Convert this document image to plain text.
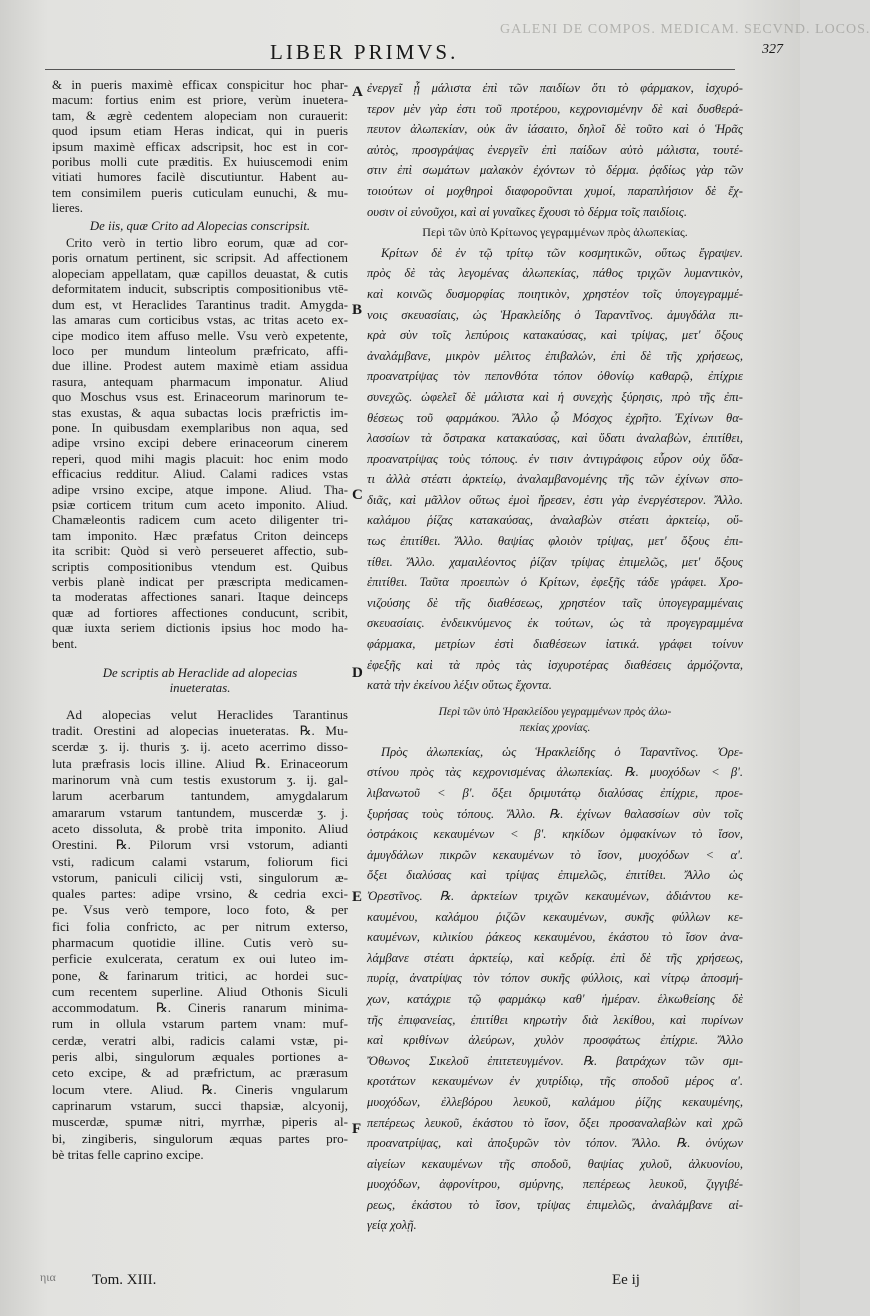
GALENI DE COMPOS. MEDICAM. SECVND. LOCOS.
LIBER PRIMVS.	327
& in pueris maximè efficax conspicitur hoc phar-
macum: fortius enim est priore, verùm inuetera-
tam, & ægrè cedentem alopeciam non curauerit:
quod ipsum etiam Heras indicat, qui in pueris
ipsum maximè efficax adscripsit, hoc est in cor-
poribus molli cute præditis. Ex huiuscemodi enim
vitiati humores facilè discutiuntur. Habent au-
tem consimilem pueris cuticulam eunuchi, & mu-
lieres.
De iis, quæ Crito ad Alopecias conscripsit.
Crito verò in tertio libro eorum, quæ ad cor-
poris ornatum pertinent, sic scripsit. Ad affectionem
alopeciam appellatam, quæ capillos deuastat, & cutis
deformitatem inducit, subscriptis compositionibus vtē-
dum est, vt Heraclides Tarantinus tradit. Amygda-
las amaras cum corticibus vstas, ac tritas aceto ex-
cipe modico item affuso melle. Vsu verò expetente,
loco per mundum linteolum præfricato, affi-
due illine. Prodest autem maximè etiam assidua
rasura, antequam pharmacum imponatur. Aliud
quo Moschus vsus est. Erinaceorum marinorum te-
stas exustas, & aqua subactas locis præfrictis im-
pone. In quibusdam exemplaribus non aqua, sed
adipe vrsino excipi debere erinaceorum cinerem
reperi, quod mihi magis placuit: hoc enim modo
efficacius redditur. Aliud. Calami radices vstas
adipe vrsino excipe, atque impone. Aliud. Tha-
psiæ corticem tritum cum aceto imponito. Aliud.
Chamæleontis radicem cum aceto diligenter tri-
tam imponito. Hæc præfatus Criton deinceps
ita scribit: Quòd si verò perseueret affectio, sub-
scriptis compositionibus vtendum est. Quibus
verbis planè indicat per præscripta medicamen-
ta moderatas affectiones sanari. Itaque deinceps
quæ ad fortiores affectiones conducunt, scribit,
quæ iuxta seriem dictionis ipsius hoc modo ha-
bent.
De scriptis ab Heraclide ad alopecias
inueteratas.
Ad alopecias velut Heraclides Tarantinus
tradit. Orestini ad alopecias inueteratas. ℞. Mu-
scerdæ ʒ. ij. thuris ʒ. ij. aceto acerrimo disso-
luta præfrasis locis illine. Aliud ℞. Erinaceorum
marinorum vnà cum testis exustorum ʒ. ij. gal-
larum acerbarum tantundem, amygdalarum
amararum vstarum tantundem, muscerdæ ʒ. j.
aceto dissoluta, & probè trita imponito. Aliud
Orestini. ℞. Pilorum vrsi vstorum, adianti
vsti, radicum calami vstarum, foliorum fici
vstorum, paniculi cilicij vsti, singulorum æ-
quales partes: adipe vrsino, & cedria exci-
pe. Vsus verò tempore, loco foto, & per
fici folia confricto, ac per nitrum exterso,
pharmacum quotidie illine. Cutis verò su-
perficie exulcerata, ceratum ex oui luteo im-
pone, & farinarum tritici, ac hordei suc-
cum recentem superline. Aliud Othonis Siculi
accommodatum. ℞. Cineris ranarum minima-
rum in ollula vstarum partem vnam: muf-
cerdæ, veratri albi, radicis calami vstæ, pi-
peris albi, singulorum æquales portiones a-
ceto excipe, & ad præfrictum, ac prærasum
locum vtere. Aliud. ℞. Cineris vngularum
caprinarum vstarum, succi thapsiæ, alcyonij,
muscerdæ, spumæ nitri, myrrhæ, piperis al-
bi, zingiberis, singulorum æquas partes pro-
bè tritas felle caprino excipe.
ἐνεργεῖ ᾗ μάλιστα ἐπὶ τῶν παιδίων ὅτι τὸ φάρμακον, ἰσχυρό-
τερον μὲν γὰρ ἐστι τοῦ προτέρου, κεχρονισμένην δὲ καὶ δυσθερά-
πευτον ἀλωπεκίαν, οὐκ ἂν ἰάσαιτο, δηλοῖ δὲ τοῦτο καὶ ὁ Ἡρᾶς
αὐτὸς, προσγράψας ἐνεργεῖν ἐπὶ παίδων αὐτὸ μάλιστα, τουτέ-
στιν ἐπὶ σωμάτων μαλακὸν ἐχόντων τὸ δέρμα. ῥᾳδίως γὰρ τῶν
τοιούτων οἱ μοχθηροὶ διαφοροῦνται χυμοί, παραπλήσιον δὲ ἔχ-
ουσιν οἱ εὐνοῦχοι, καὶ αἱ γυναῖκες ἔχουσι τὸ δέρμα τοῖς παιδίοις.
Περὶ τῶν ὑπὸ Κρίτωνος γεγραμμένων πρὸς ἀλωπεκίας.
Κρίτων δὲ ἐν τῷ τρίτῳ τῶν κοσμητικῶν, οὕτως ἔγραψεν.
πρὸς δὲ τὰς λεγομένας ἀλωπεκίας, πάθος τριχῶν λυμαντικὸν,
καὶ κοινῶς δυσμορφίας ποιητικὸν, χρηστέον τοῖς ὑπογεγραμμέ-
νοις σκευασίαις, ὡς Ἡρακλείδης ὁ Ταραντῖνος. ἀμυγδάλα πι-
κρὰ σὺν τοῖς λεπύροις κατακαύσας, καὶ τρίψας, μετ' ὄξους
ἀναλάμβανε, μικρὸν μέλιτος ἐπιβαλών, ἐπὶ δὲ τῆς χρήσεως,
προανατρίψας τὸν πεπονθότα τόπον ὀθονίῳ καθαρῷ, ἐπίχριε
συνεχῶς. ὠφελεῖ δὲ μάλιστα καὶ ἡ συνεχὴς ξύρησις, πρὸ τῆς ἐπι-
θέσεως τοῦ φαρμάκου. Ἄλλο ᾧ Μόσχος ἐχρῆτο. Ἐχίνων θα-
λασσίων τὰ ὄστρακα κατακαύσας, καὶ ὕδατι ἀναλαβὼν, ἐπιτίθει,
προανατρίψας τοὺς τόπους. ἐν τισιν ἀντιγράφοις εὗρον οὐχ ὕδα-
τι ἀλλὰ στέατι ἀρκτείῳ, ἀναλαμβανομένης τῆς τῶν ἐχίνων σπο-
διᾶς, καὶ μᾶλλον οὕτως ἐμοὶ ἤρεσεν, ἐστι γὰρ ἐνεργέστερον. Ἄλλο.
καλάμου ῥίζας κατακαύσας, ἀναλαβὼν στέατι ἀρκτείῳ, οὕ-
τως ἐπιτίθει. Ἄλλο. θαψίας φλοιὸν τρίψας, μετ' ὄξους ἐπι-
τίθει. Ἄλλο. χαμαιλέοντος ῥίζαν τρίψας ἐπιμελῶς, μετ' ὄξους
ἐπιτίθει. Ταῦτα προειπὼν ὁ Κρίτων, ἐφεξῆς τάδε γράφει. Χρο-
νιζούσης δὲ τῆς διαθέσεως, χρηστέον ταῖς ὑπογεγραμμέναις
σκευασίαις. ἐνδεικνύμενος ἐκ τούτων, ὡς τὰ προγεγραμμένα
φάρμακα, μετρίων ἐστὶ διαθέσεων ἰατικά. γράφει τοίνυν
ἐφεξῆς καὶ τὰ πρὸς τὰς ἰσχυροτέρας διαθέσεις ἁρμόζοντα,
κατὰ τὴν ἐκείνου λέξιν οὕτως ἔχοντα.
Περὶ τῶν ὑπὸ Ἡρακλείδου γεγραμμένων πρὸς ἀλω-
πεκίας χρονίας.
Πρὸς ἀλωπεκίας, ὡς Ἡρακλείδης ὁ Ταραντῖνος. Ὀρε-
στίνου πρὸς τὰς κεχρονισμένας ἀλωπεκίας. ℞. μυοχόδων < β'.
λιβανωτοῦ < β'. ὄξει δριμυτάτῳ διαλύσας ἐπίχριε, προε-
ξυρήσας τοὺς τόπους. Ἄλλο. ℞. ἐχίνων θαλασσίων σὺν τοῖς
ὀστράκοις κεκαυμένων < β'. κηκίδων ὀμφακίνων τὸ ἴσον,
ἀμυγδάλων πικρῶν κεκαυμένων τὸ ἴσον, μυοχόδων < α'.
ὄξει διαλύσας καὶ τρίψας ἐπιμελῶς, ἐπιτίθει. Ἄλλο ὡς
Ὀρεστῖνος. ℞. ἀρκτείων τριχῶν κεκαυμένων, ἀδιάντου κε-
καυμένου, καλάμου ῥιζῶν κεκαυμένων, συκῆς φύλλων κε-
καυμένων, κιλικίου ῥάκεος κεκαυμένου, ἑκάστου τὸ ἴσον ἀνα-
λάμβανε στέατι ἀρκτείῳ, καὶ κεδρίᾳ. ἐπὶ δὲ τῆς χρήσεως,
πυρίᾳ, ἀνατρίψας τὸν τόπον συκῆς φύλλοις, καὶ νίτρῳ ἀποσμή-
χων, κατάχριε τῷ φαρμάκῳ καθ' ἡμέραν. ἑλκωθείσης δὲ
τῆς ἐπιφανείας, ἐπιτίθει κηρωτὴν διὰ λεκίθου, καὶ πυρίνων
καὶ κριθίνων ἀλεύρων, χυλὸν προσφάτως ἐπίχριε. Ἄλλο
Ὄθωνος Σικελοῦ ἐπιτετευγμένον. ℞. βατράχων τῶν σμι-
κροτάτων κεκαυμένων ἐν χυτρίδιῳ, τῆς σποδοῦ μέρος α'.
μυοχόδων, ἐλλεβόρου λευκοῦ, καλάμου ῥίζης κεκαυμένης,
πεπέρεως λευκοῦ, ἑκάστου τὸ ἴσον, ὄξει προσαναλαβὼν καὶ χρῶ
προανατρίψας, καὶ ἀποξυρῶν τὸν τόπον. Ἄλλο. ℞. ὀνύχων
αἰγείων κεκαυμένων τῆς σποδοῦ, θαψίας χυλοῦ, ἀλκυονίου,
μυοχόδων, ἀφρονίτρου, σμύρνης, πεπέρεως λευκοῦ, ζιγγιβέ-
ρεως, ἑκάστου τὸ ἴσον, τρίψας ἐπιμελῶς, ἀναλάμβανε αἰ-
γείᾳ χολῇ.
A
B
C
D
E
F
ηια Tom. XIII.	Ee ij
